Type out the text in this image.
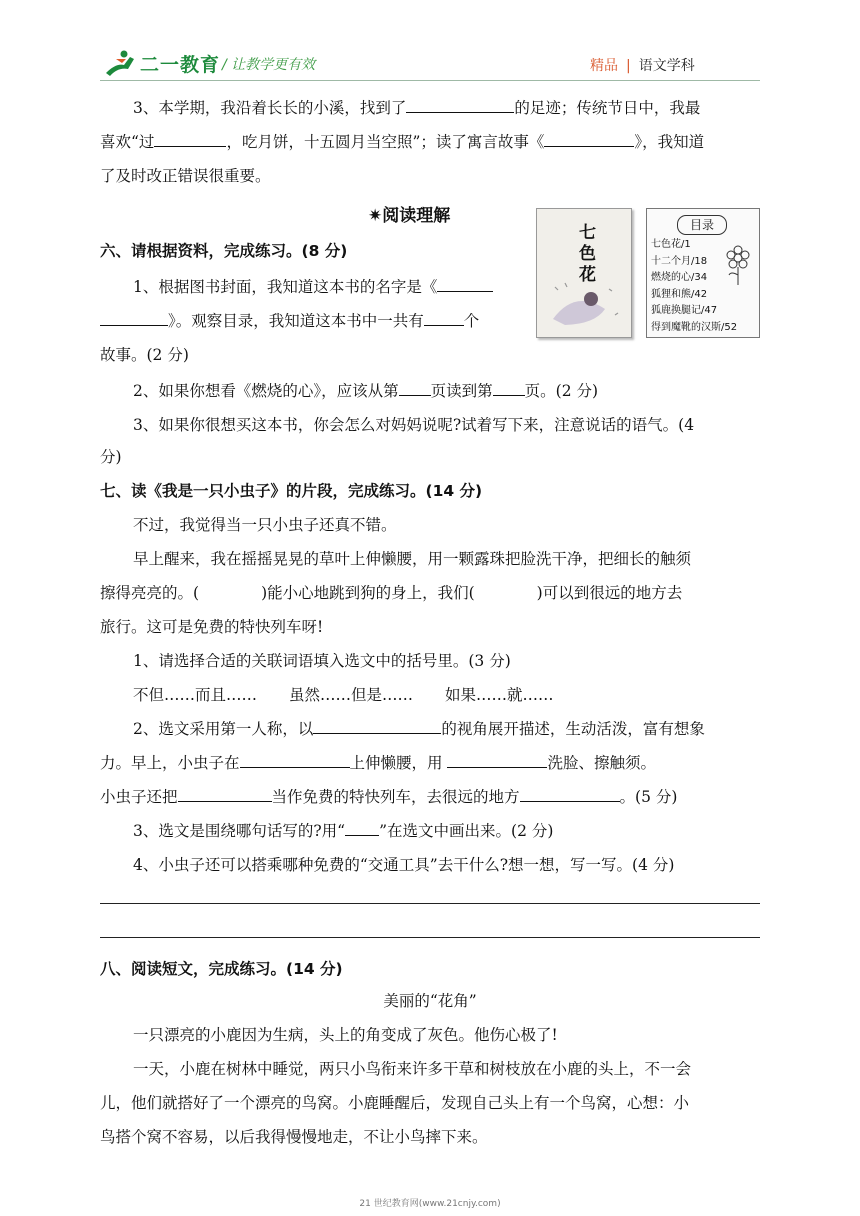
二一教育 / 让教学更有效	精品 | 语文学科
3、本学期，我沿着长长的小溪，找到了	的足迹；传统节日中，我最
喜欢“过	，吃月饼，十五圆月当空照”；读了寓言故事《	》，我知道
了及时改正错误很重要。
✷阅读理解
七色花	目录
七色花/1
十二个月/18
燃烧的心/34
狐狸和熊/42
狐鹿换腿记/47
得到魔靴的汉斯/52
六、请根据资料，完成练习。(8 分)
1、根据图书封面，我知道这本书的名字是《
》。观察目录，我知道这本书中一共有	个
故事。(2 分)
2、如果你想看《燃烧的心》，应该从第 页读到第 页。(2 分)
3、如果你很想买这本书，你会怎么对妈妈说呢?试着写下来，注意说话的语气。(4
分)
七、读《我是一只小虫子》的片段，完成练习。(14 分)
不过，我觉得当一只小虫子还真不错。
早上醒来，我在摇摇晃晃的草叶上伸懒腰，用一颗露珠把脸洗干净，把细长的触须
擦得亮亮的。(	)能小心地跳到狗的身上，我们(	)可以到很远的地方去
旅行。这可是免费的特快列车呀!
1、请选择合适的关联词语填入选文中的括号里。(3 分)
不但……而且…… 虽然……但是…… 如果……就……
2、选文采用第一人称，以	的视角展开描述，生动活泼，富有想象
力。早上，小虫子在	上伸懒腰，用	洗脸、擦触须。
小虫子还把	当作免费的特快列车，去很远的地方	。(5 分)
3、选文是围绕哪句话写的?用“ ”在选文中画出来。(2 分)
4、小虫子还可以搭乘哪种免费的“交通工具”去干什么?想一想，写一写。(4 分)
八、阅读短文，完成练习。(14 分)
美丽的“花角”
一只漂亮的小鹿因为生病，头上的角变成了灰色。他伤心极了!
一天，小鹿在树林中睡觉，两只小鸟衔来许多干草和树枝放在小鹿的头上，不一会
儿，他们就搭好了一个漂亮的鸟窝。小鹿睡醒后，发现自己头上有一个鸟窝，心想：小
鸟搭个窝不容易，以后我得慢慢地走，不让小鸟摔下来。
21 世纪教育网(www.21cnjy.com)
